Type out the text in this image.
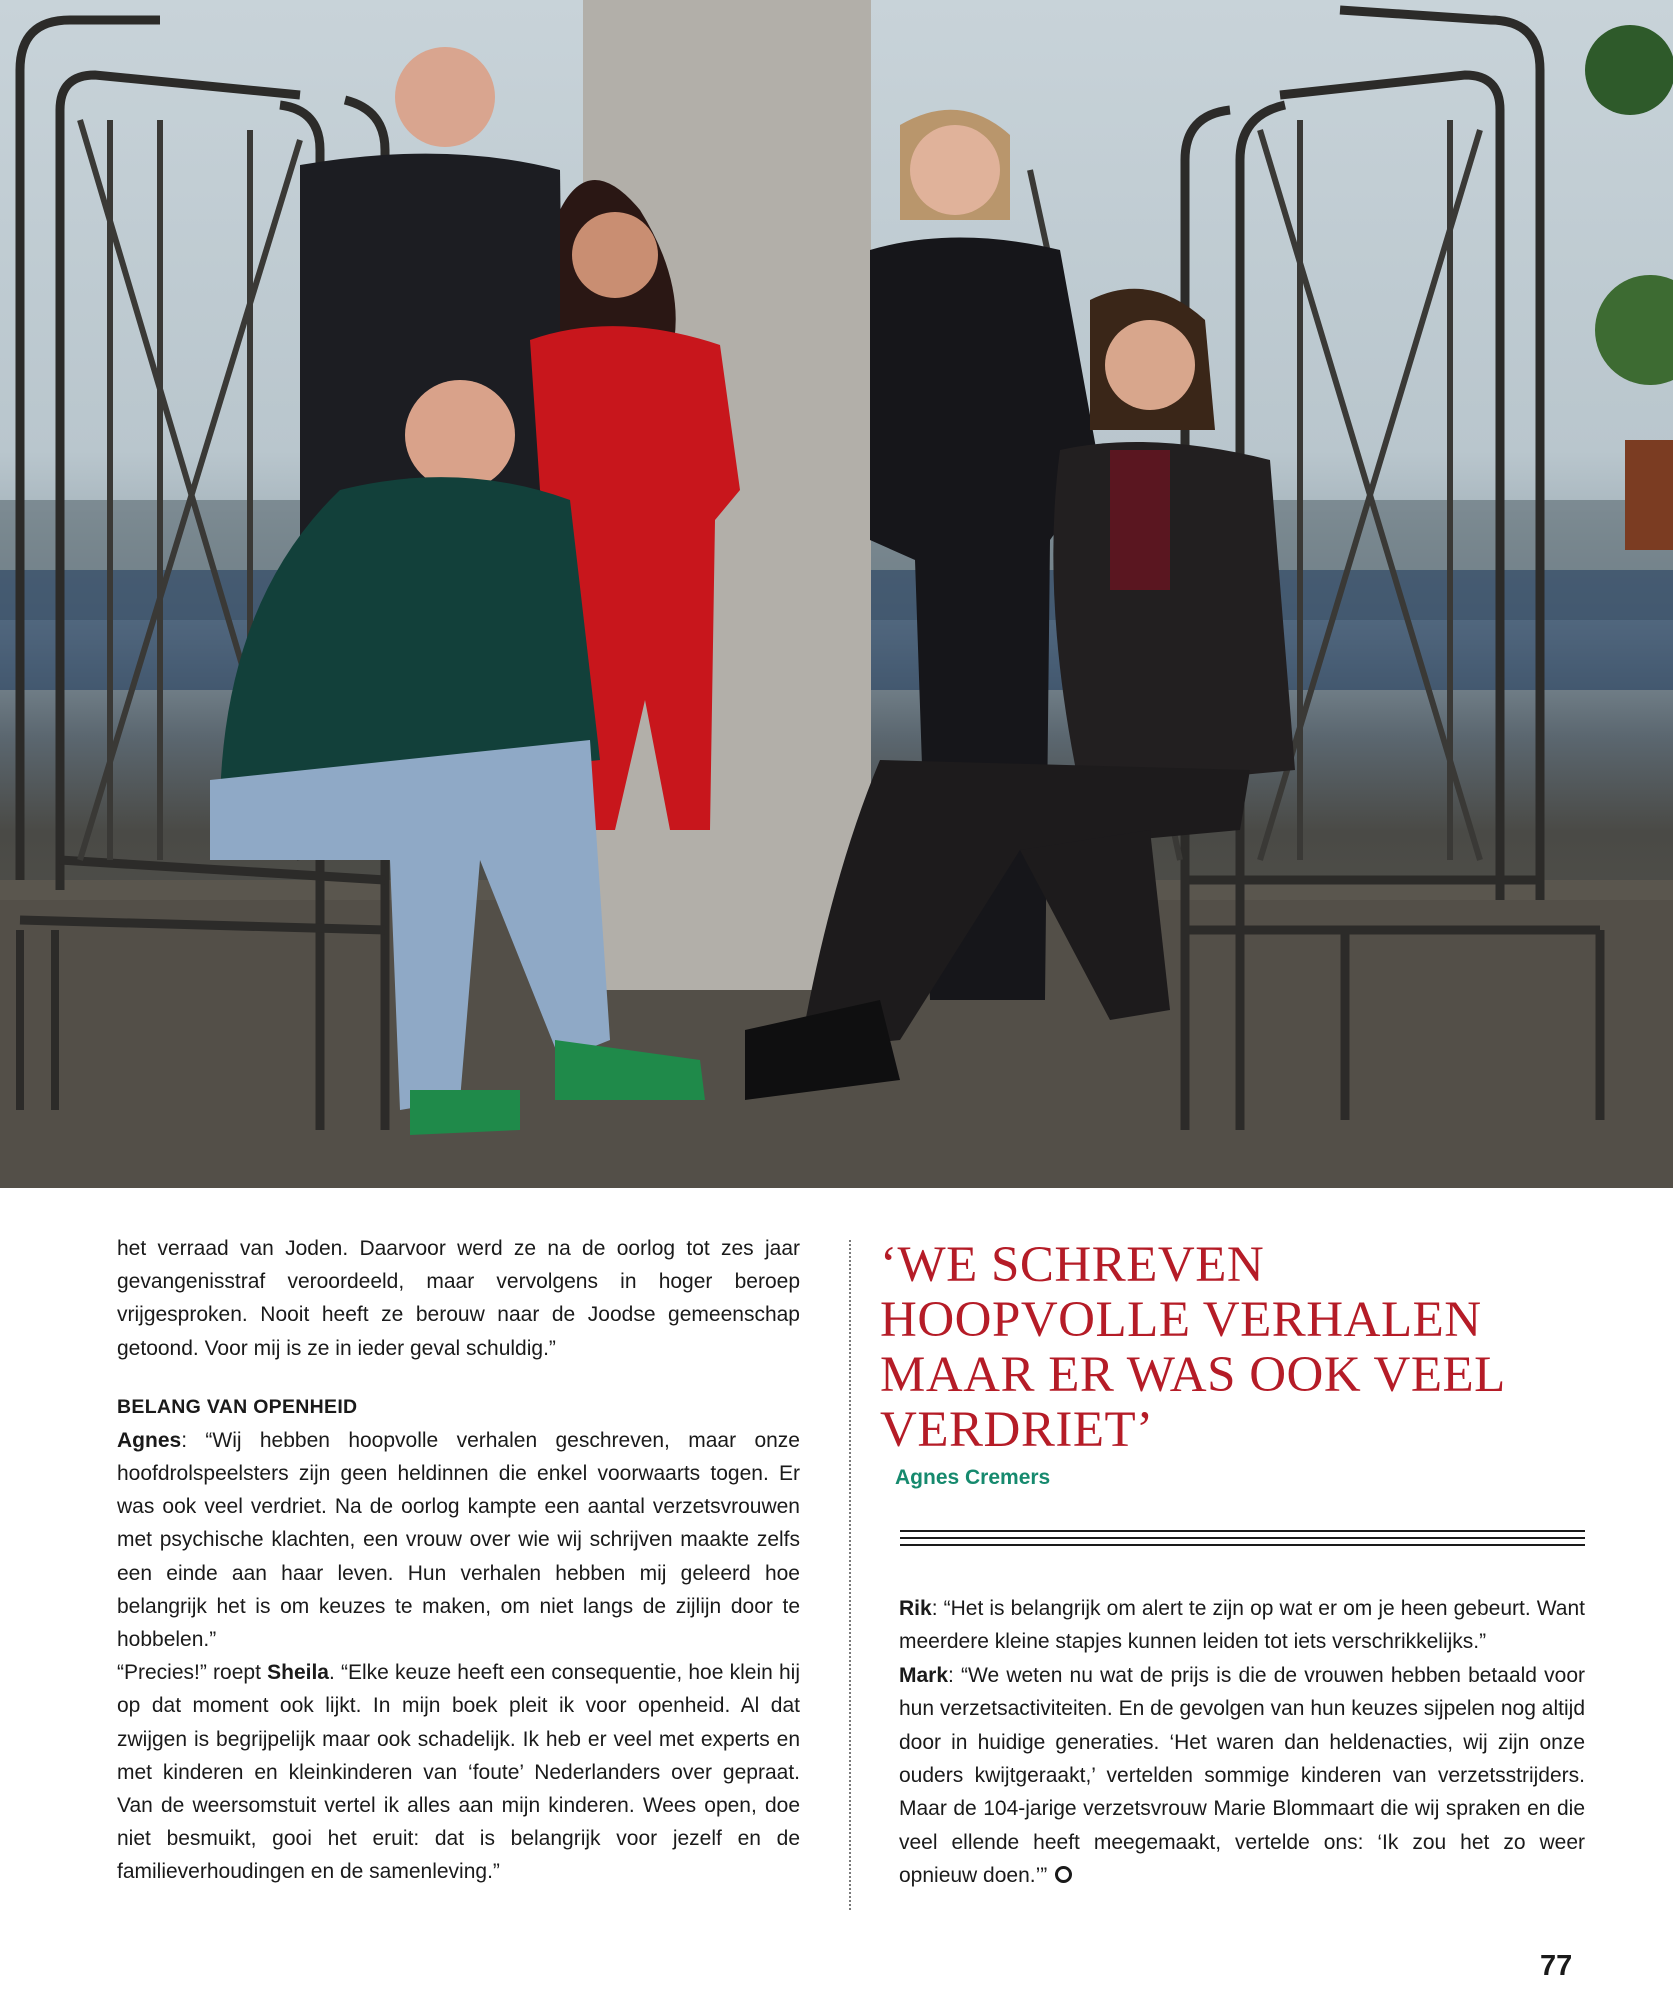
het verraad van Joden. Daarvoor werd ze na de oorlog tot zes jaar gevangenisstraf veroordeeld, maar vervolgens in hoger beroep vrijgesproken. Nooit heeft ze berouw naar de Joodse gemeenschap getoond. Voor mij is ze in ieder geval schuldig.”

BELANG VAN OPENHEID

Agnes: “Wij hebben hoopvolle verhalen geschreven, maar onze hoofdrolspeelsters zijn geen heldinnen die enkel voorwaarts togen. Er was ook veel verdriet. Na de oorlog kampte een aantal verzetsvrouwen met psychische klachten, een vrouw over wie wij schrijven maakte zelfs een einde aan haar leven. Hun verhalen hebben mij geleerd hoe belangrijk het is om keuzes te maken, om niet langs de zijlijn door te hobbelen.”

“Precies!” roept Sheila. “Elke keuze heeft een consequentie, hoe klein hij op dat moment ook lijkt. In mijn boek pleit ik voor openheid. Al dat zwijgen is begrijpelijk maar ook schadelijk. Ik heb er veel met experts en met kinderen en kleinkinderen van ‘foute’ Nederlanders over gepraat. Van de weersomstuit vertel ik alles aan mijn kinderen. Wees open, doe niet besmuikt, gooi het eruit: dat is belangrijk voor jezelf en de familieverhoudingen en de samenleving.”

‘WE SCHREVEN HOOPVOLLE VERHALEN MAAR ER WAS OOK VEEL VERDRIET’
Agnes Cremers

Rik: “Het is belangrijk om alert te zijn op wat er om je heen gebeurt. Want meerdere kleine stapjes kunnen leiden tot iets verschrikkelijks.”

Mark: “We weten nu wat de prijs is die de vrouwen hebben betaald voor hun verzetsactiviteiten. En de gevolgen van hun keuzes sijpelen nog altijd door in huidige generaties. ‘Het waren dan heldenacties, wij zijn onze ouders kwijtgeraakt,’ vertelden sommige kinderen van verzetsstrijders. Maar de 104-jarige verzetsvrouw Marie Blommaart die wij spraken en die veel ellende heeft meegemaakt, vertelde ons: ‘Ik zou het zo weer opnieuw doen.’”

77
